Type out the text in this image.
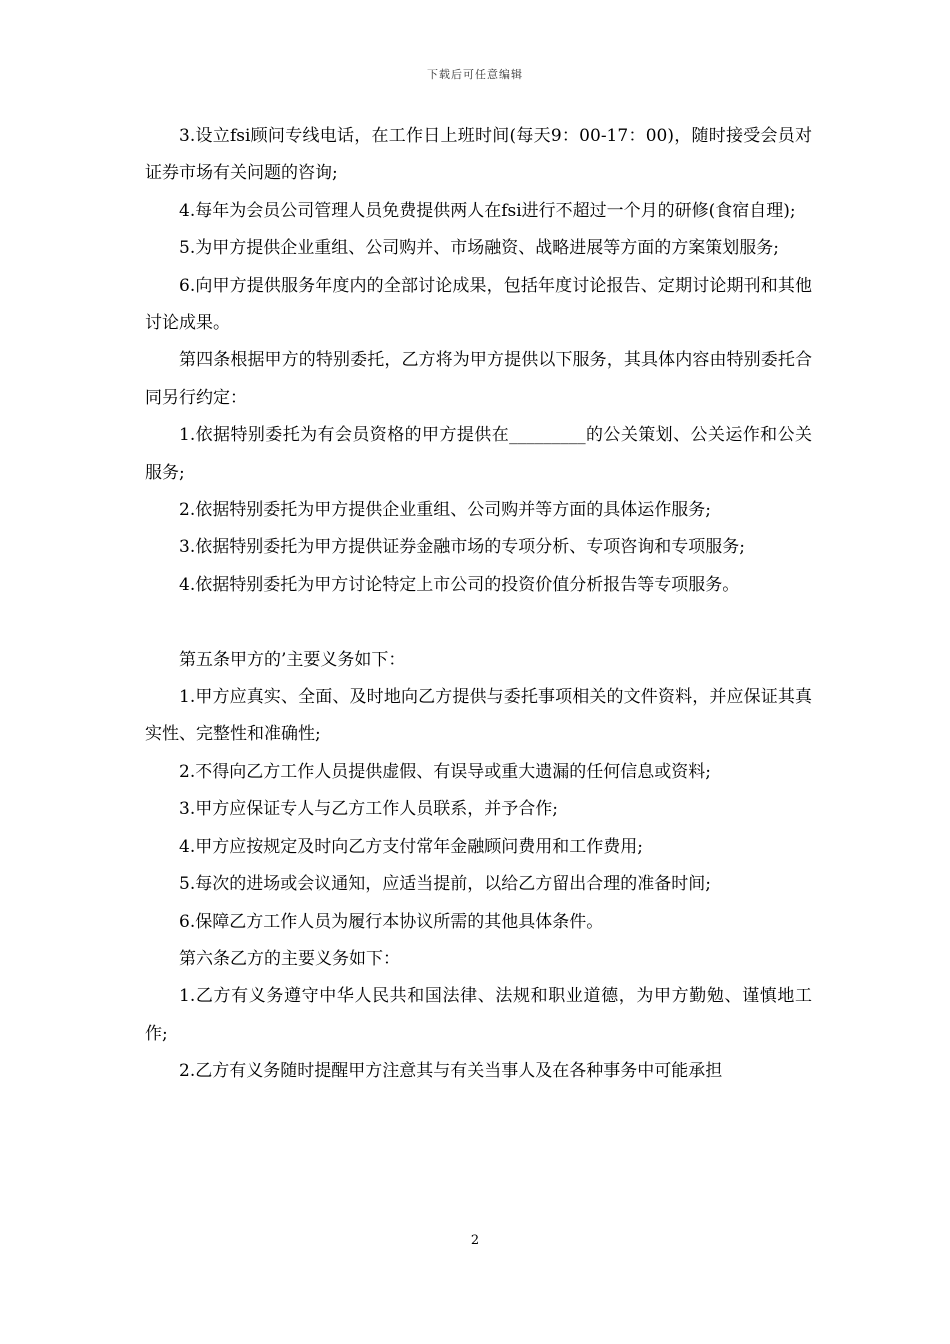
下载后可任意编辑

3.设立fsi顾问专线电话，在工作日上班时间(每天9：00-17：00)，随时接受会员对证券市场有关问题的咨询;

4.每年为会员公司管理人员免费提供两人在fsi进行不超过一个月的研修(食宿自理);

5.为甲方提供企业重组、公司购并、市场融资、战略进展等方面的方案策划服务;

6.向甲方提供服务年度内的全部讨论成果，包括年度讨论报告、定期讨论期刊和其他讨论成果。

第四条根据甲方的特别委托，乙方将为甲方提供以下服务，其具体内容由特别委托合同另行约定：

1.依据特别委托为有会员资格的甲方提供在_________的公关策划、公关运作和公关服务;

2.依据特别委托为甲方提供企业重组、公司购并等方面的具体运作服务;

3.依据特别委托为甲方提供证券金融市场的专项分析、专项咨询和专项服务;

4.依据特别委托为甲方讨论特定上市公司的投资价值分析报告等专项服务。

第五条甲方的’主要义务如下：

1.甲方应真实、全面、及时地向乙方提供与委托事项相关的文件资料，并应保证其真实性、完整性和准确性;

2.不得向乙方工作人员提供虚假、有误导或重大遗漏的任何信息或资料;

3.甲方应保证专人与乙方工作人员联系，并予合作;

4.甲方应按规定及时向乙方支付常年金融顾问费用和工作费用;

5.每次的进场或会议通知，应适当提前，以给乙方留出合理的准备时间;

6.保障乙方工作人员为履行本协议所需的其他具体条件。

第六条乙方的主要义务如下：

1.乙方有义务遵守中华人民共和国法律、法规和职业道德，为甲方勤勉、谨慎地工作;

2.乙方有义务随时提醒甲方注意其与有关当事人及在各种事务中可能承担

2
